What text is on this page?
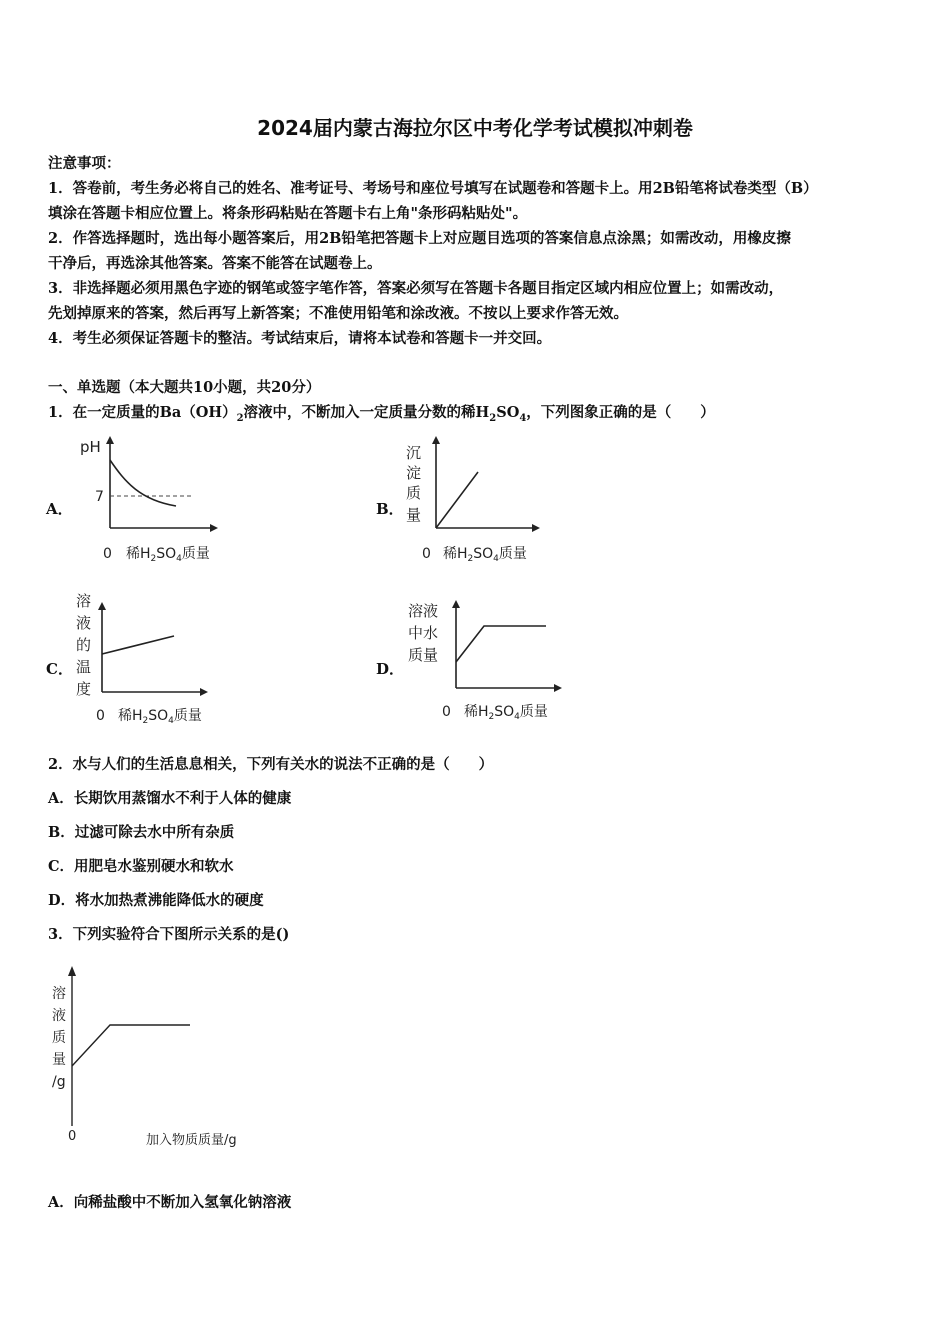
2024届内蒙古海拉尔区中考化学考试模拟冲刺卷
注意事项：
1．答卷前，考生务必将自己的姓名、准考证号、考场号和座位号填写在试题卷和答题卡上。用2B铅笔将试卷类型（B）
填涂在答题卡相应位置上。将条形码粘贴在答题卡右上角"条形码粘贴处"。
2．作答选择题时，选出每小题答案后，用2B铅笔把答题卡上对应题目选项的答案信息点涂黑；如需改动，用橡皮擦
干净后，再选涂其他答案。答案不能答在试题卷上。
3．非选择题必须用黑色字迹的钢笔或签字笔作答，答案必须写在答题卡各题目指定区域内相应位置上；如需改动，
先划掉原来的答案，然后再写上新答案；不准使用铅笔和涂改液。不按以上要求作答无效。
4．考生必须保证答题卡的整洁。考试结束后，请将本试卷和答题卡一并交回。
一、单选题（本大题共10小题，共20分）
1．在一定质量的$Ba(OH)_2$溶液中，不断加入一定质量分数的稀$H_2SO_4$，下列图象正确的是（　　）
A．	B．
C．	D．
pH
7
0 稀$H_2SO_4$质量
沉
淀
质
量
0 稀$H_2SO_4$质量
溶
液
的
温
度
0 稀$H_2SO_4$质量
溶液
中水
质量
0 稀$H_2SO_4$质量
2．水与人们的生活息息相关，下列有关水的说法不正确的是（　　）
A．长期饮用蒸馏水不利于人体的健康
B．过滤可除去水中所有杂质
C．用肥皂水鉴别硬水和软水
D．将水加热煮沸能降低水的硬度
3．下列实验符合下图所示关系的是()
溶
液
质
量
/g
0	加入物质质量/g
A．向稀盐酸中不断加入氢氧化钠溶液
